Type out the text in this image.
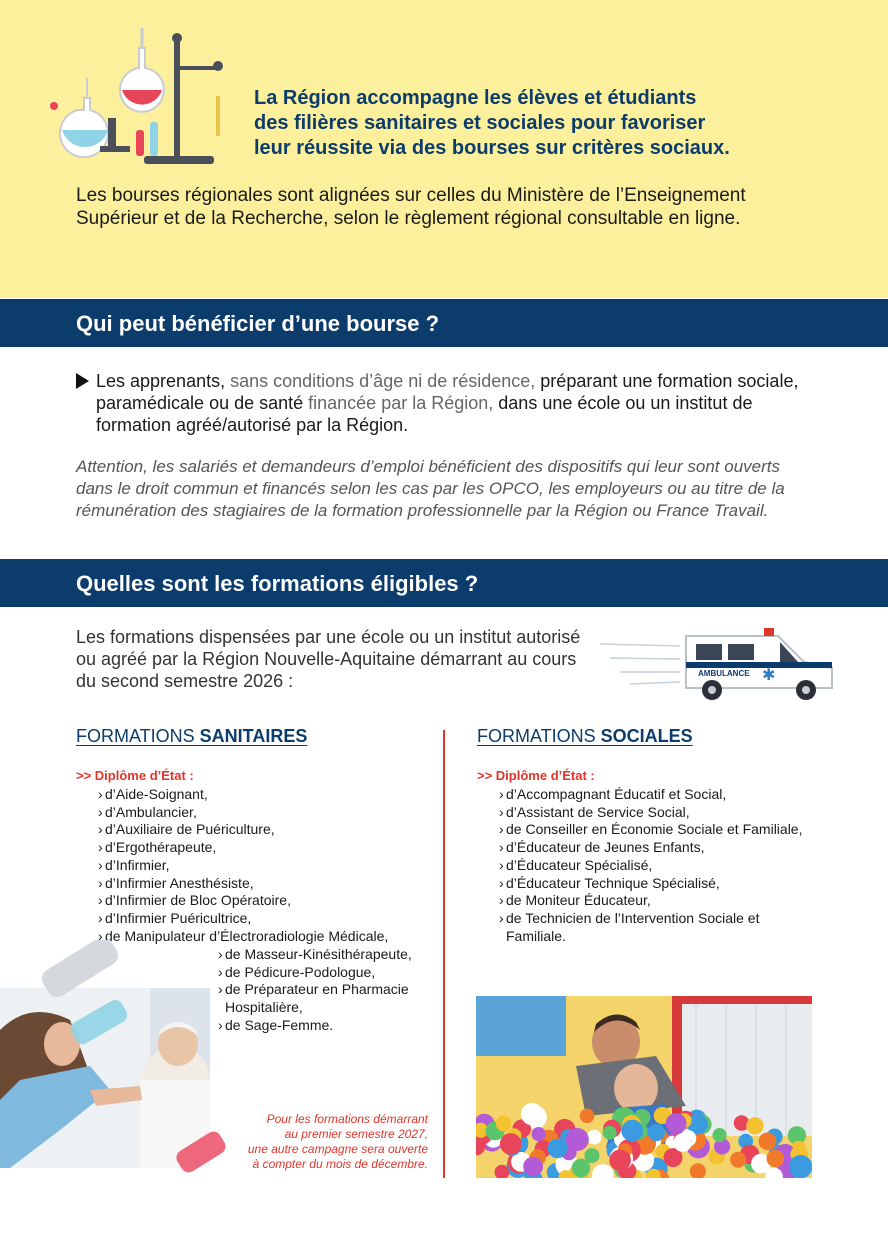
La Région accompagne les élèves et étudiants
des filières sanitaires et sociales pour favoriser
leur réussite via des bourses sur critères sociaux.
Les bourses régionales sont alignées sur celles du Ministère de l’Enseignement
Supérieur et de la Recherche, selon le règlement régional consultable en ligne.
Qui peut bénéficier d’une bourse ?
Les apprenants, sans conditions d’âge ni de résidence, préparant une formation sociale,
paramédicale ou de santé financée par la Région, dans une école ou un institut de
formation agréé/autorisé par la Région.
Attention, les salariés et demandeurs d’emploi bénéficient des dispositifs qui leur sont ouverts
dans le droit commun et financés selon les cas par les OPCO, les employeurs ou au titre de la
rémunération des stagiaires de la formation professionnelle par la Région ou France Travail.
Quelles sont les formations éligibles ?
Les formations dispensées par une école ou un institut autorisé
ou agréé par la Région Nouvelle-Aquitaine démarrant au cours
du second semestre 2026 :	AMBULANCE ✱
FORMATIONS SANITAIRES
>> Diplôme d’État :
› d’Aide-Soignant,
› d’Ambulancier,
› d’Auxiliaire de Puériculture,
› d’Ergothérapeute,
› d’Infirmier,
› d’Infirmier Anesthésiste,
› d’Infirmier de Bloc Opératoire,
› d’Infirmier Puéricultrice,
› de Manipulateur d’Électroradiologie Médicale,
› de Masseur-Kinésithérapeute,
› de Pédicure-Podologue,
› de Préparateur en Pharmacie
Hospitalière,
› de Sage-Femme.
FORMATIONS SOCIALES
>> Diplôme d’État :
› d’Accompagnant Éducatif et Social,
› d’Assistant de Service Social,
› de Conseiller en Économie Sociale et Familiale,
› d’Éducateur de Jeunes Enfants,
› d’Éducateur Spécialisé,
› d’Éducateur Technique Spécialisé,
› de Moniteur Éducateur,
› de Technicien de l’Intervention Sociale et
Familiale.
Pour les formations démarrant
au premier semestre 2027,
une autre campagne sera ouverte
à compter du mois de décembre.
